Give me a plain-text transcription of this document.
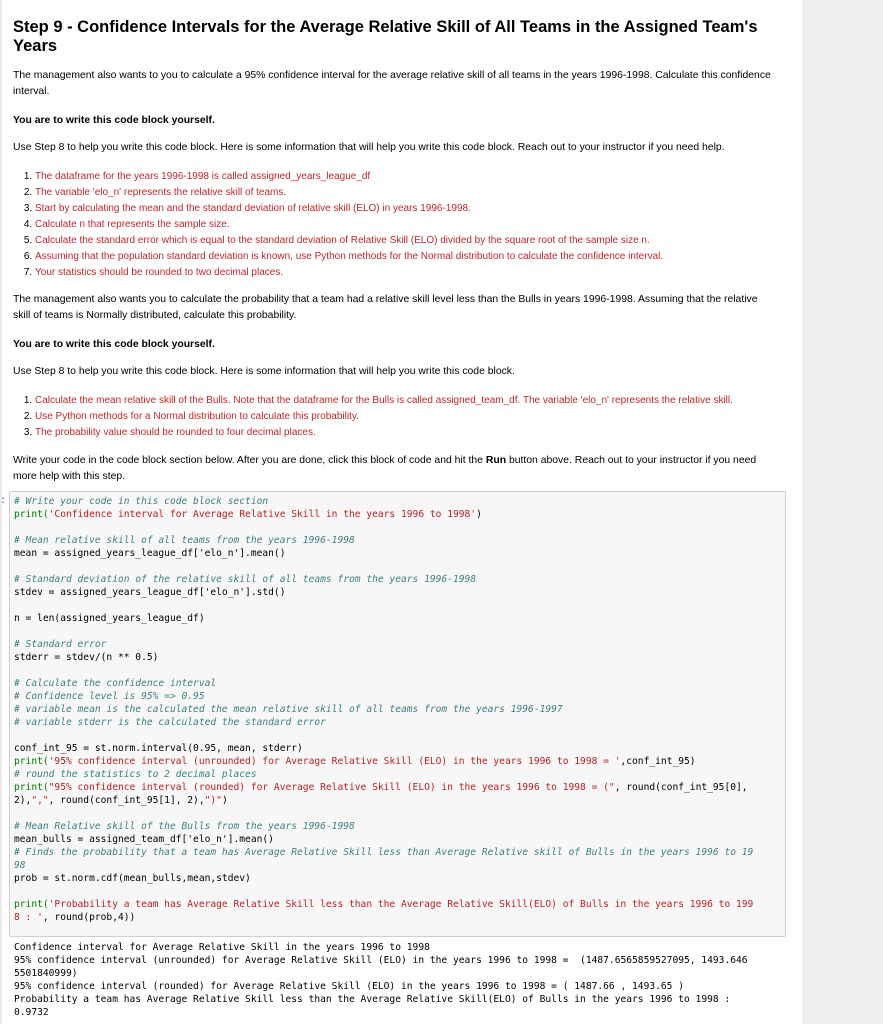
Step 9 - Confidence Intervals for the Average Relative Skill of All Teams in the Assigned Team's Years

The management also wants to you to calculate a 95% confidence interval for the average relative skill of all teams in the years 1996-1998. Calculate this confidence interval.

You are to write this code block yourself.

Use Step 8 to help you write this code block. Here is some information that will help you write this code block. Reach out to your instructor if you need help.

1. The dataframe for the years 1996-1998 is called assigned_years_league_df
2. The variable 'elo_n' represents the relative skill of teams.
3. Start by calculating the mean and the standard deviation of relative skill (ELO) in years 1996-1998.
4. Calculate n that represents the sample size.
5. Calculate the standard error which is equal to the standard deviation of Relative Skill (ELO) divided by the square root of the sample size n.
6. Assuming that the population standard deviation is known, use Python methods for the Normal distribution to calculate the confidence interval.
7. Your statistics should be rounded to two decimal places.

The management also wants you to calculate the probability that a team had a relative skill level less than the Bulls in years 1996-1998. Assuming that the relative skill of teams is Normally distributed, calculate this probability.

You are to write this code block yourself.

Use Step 8 to help you write this code block. Here is some information that will help you write this code block.

1. Calculate the mean relative skill of the Bulls. Note that the dataframe for the Bulls is called assigned_team_df. The variable 'elo_n' represents the relative skill.
2. Use Python methods for a Normal distribution to calculate this probability.
3. The probability value should be rounded to four decimal places.

Write your code in the code block section below. After you are done, click this block of code and hit the Run button above. Reach out to your instructor if you need more help with this step.

: # Write your code in this code block section
print('Confidence interval for Average Relative Skill in the years 1996 to 1998')

# Mean relative skill of all teams from the years 1996-1998
mean = assigned_years_league_df['elo_n'].mean()

# Standard deviation of the relative skill of all teams from the years 1996-1998
stdev = assigned_years_league_df['elo_n'].std()

n = len(assigned_years_league_df)

# Standard error
stderr = stdev/(n ** 0.5)

# Calculate the confidence interval
# Confidence level is 95% => 0.95
# variable mean is the calculated the mean relative skill of all teams from the years 1996-1997
# variable stderr is the calculated the standard error

conf_int_95 = st.norm.interval(0.95, mean, stderr)
print('95% confidence interval (unrounded) for Average Relative Skill (ELO) in the years 1996 to 1998 = ',conf_int_95)
# round the statistics to 2 decimal places
print("95% confidence interval (rounded) for Average Relative Skill (ELO) in the years 1996 to 1998 = (", round(conf_int_95[0],
2),",", round(conf_int_95[1], 2),")")

# Mean Relative skill of the Bulls from the years 1996-1998
mean_bulls = assigned_team_df['elo_n'].mean()
# Finds the probability that a team has Average Relative Skill less than Average Relative skill of Bulls in the years 1996 to 19
98
prob = st.norm.cdf(mean_bulls,mean,stdev)

print('Probability a team has Average Relative Skill less than the Average Relative Skill(ELO) of Bulls in the years 1996 to 199
8 : ', round(prob,4))
Confidence interval for Average Relative Skill in the years 1996 to 1998
95% confidence interval (unrounded) for Average Relative Skill (ELO) in the years 1996 to 1998 =  (1487.6565859527095, 1493.646
5501840999)
95% confidence interval (rounded) for Average Relative Skill (ELO) in the years 1996 to 1998 = ( 1487.66 , 1493.65 )
Probability a team has Average Relative Skill less than the Average Relative Skill(ELO) of Bulls in the years 1996 to 1998 :
0.9732
